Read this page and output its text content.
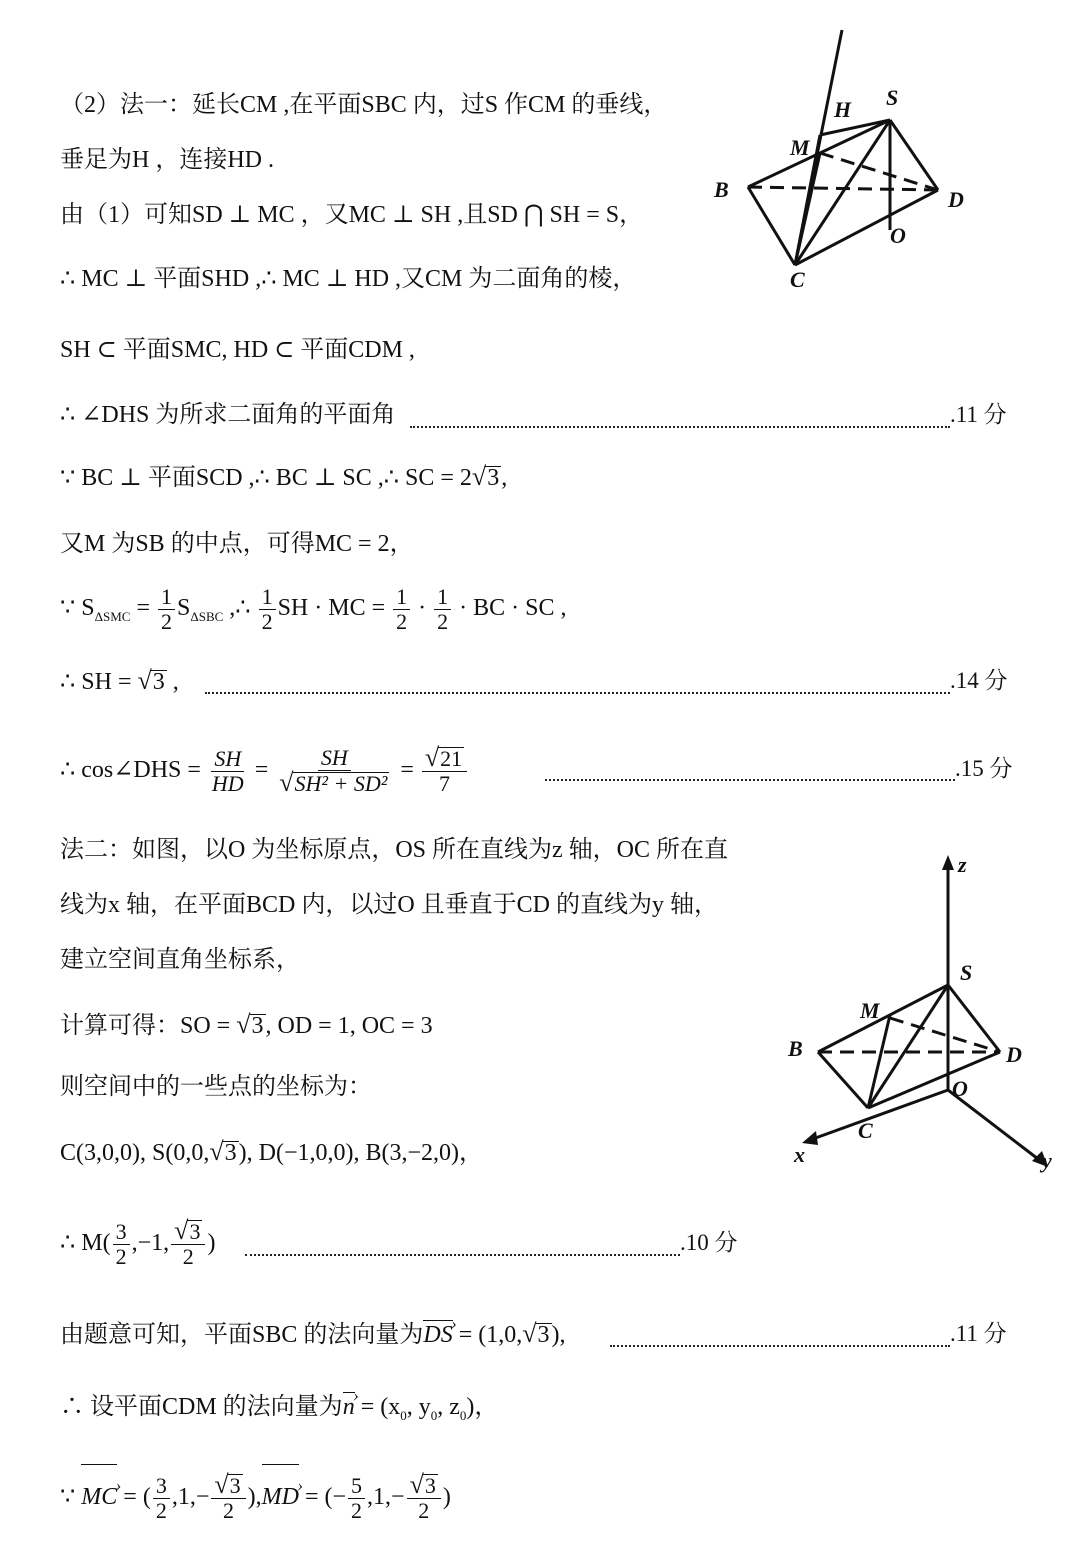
H S
M
B	D
O
C
z
S
M
B	D
O
C
x	y
（2）法一：延长CM ,在平面SBC 内，过S 作CM 的垂线，
垂足为H ，连接HD .
由（1）可知SD ⊥ MC ，又MC ⊥ SH ,且SD ⋂ SH = S，
∴ MC ⊥ 平面SHD ,∴ MC ⊥ HD ,又CM 为二面角的棱，
SH ⊂ 平面SMC, HD ⊂ 平面CDM ,
∴ ∠DHS 为所求二面角的平面角	.11 分
∵ BC ⊥ 平面SCD ,∴ BC ⊥ SC ,∴ SC = 2√3,
又M 为SB 的中点，可得MC = 2，
∵ $S_{\Delta SMC} = \frac{1}{2} S_{\Delta SBC}$ ,∴ $\frac{1}{2}$ SH · MC = $\frac{1}{2} \cdot \frac{1}{2}$ · BC · SC ,
∴ SH = √3 ,	.14 分
∴ cos∠DHS = $\frac{SH}{HD} = \frac{SH}{\text{√SH² + SD²}} = \frac{√21}{7}$	.15 分
法二：如图，以O 为坐标原点，OS 所在直线为z 轴，OC 所在直
线为x 轴，在平面BCD 内，以过O 且垂直于CD 的直线为y 轴，
建立空间直角坐标系，
计算可得：SO = √3, OD = 1, OC = 3
则空间中的一些点的坐标为：
C(3,0,0), S(0,0,√3), D(−1,0,0), B(3,−2,0)，
∴ $M( \frac{3}{2} ,-1$, $\frac{√3}{2}$ )	.10 分
由题意可知，平面SBC 的法向量为DS › = (1,0,√3),	.11 分
∴ 设平面CDM 的法向量为n › = ($x_0$, $y_0$, $z_0$)，
∵ MC › = ( $\frac{3}{2} ,1,- \frac{√3}{2} ),MD$ › = (− $\frac{5}{2} ,1,- \frac{√3}{2}$ )
